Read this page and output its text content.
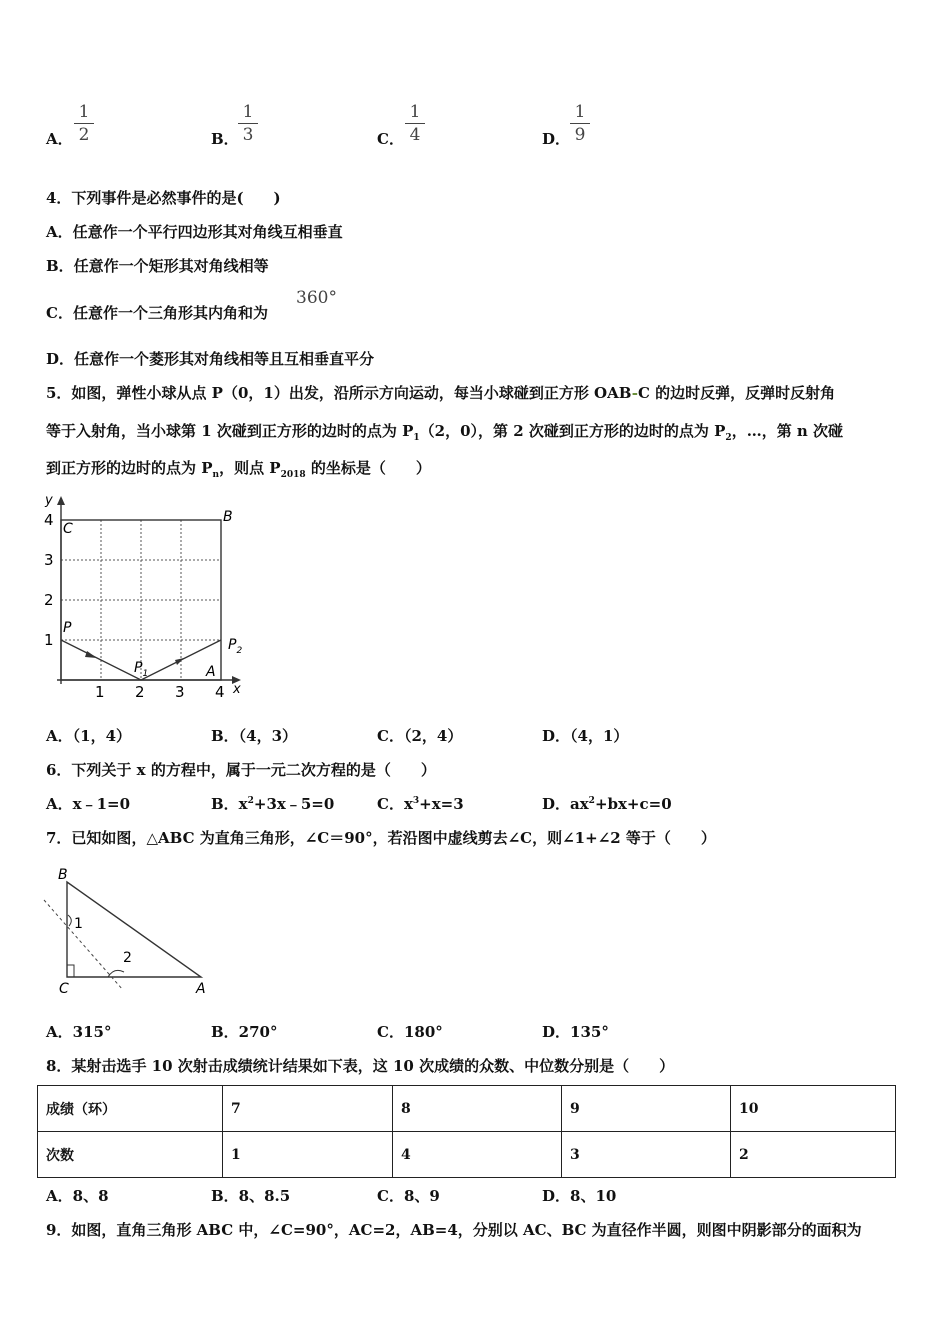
A．
1
2	B．
1
3	C．
1
4	D．
1
9
4．下列事件是必然事件的是(　　)
A．任意作一个平行四边形其对角线互相垂直
B．任意作一个矩形其对角线相等
C．任意作一个三角形其内角和为
360°
D．任意作一个菱形其对角线相等且互相垂直平分
5．如图，弹性小球从点 P（0，1）出发，沿所示方向运动，每当小球碰到正方形 OAB-C 的边时反弹，反弹时反射角
等于入射角，当小球第 1 次碰到正方形的边时的点为 $P_1(2$，0），第 2 次碰到正方形的边时的点为 $P_2$，…，第 n 次碰
到正方形的边时的点为 $P_n$，则点 $P_{2018}$ 的坐标是（　　）
y
x
4
3
2
1
1 2 3 4
C
B
P
$P_1$	A
$P_2$
A．（1，4）	B．（4，3）	C．（2，4）	D．（4，1）
6．下列关于 x 的方程中，属于一元二次方程的是（　　）
A．x﹣1=0	B．$x^2+3x﹣5=0$	C．$x^3+x=3$	D．$ax^2+bx+c=0$
7．已知如图，△ABC 为直角三角形，∠C＝90°，若沿图中虚线剪去∠C，则∠1+∠2 等于（　　）
B
C	A
1
2
A．315°	B．270°	C．180°	D．135°
8．某射击选手 10 次射击成绩统计结果如下表，这 10 次成绩的众数、中位数分别是（　　）
成绩（环）	7	8	9	10
次数	1	4	3	2
A．8、8	B．8、8.5	C．8、9	D．8、10
9．如图，直角三角形 ABC 中，∠C=90°，AC=2，AB=4，分别以 AC、BC 为直径作半圆，则图中阴影部分的面积为
